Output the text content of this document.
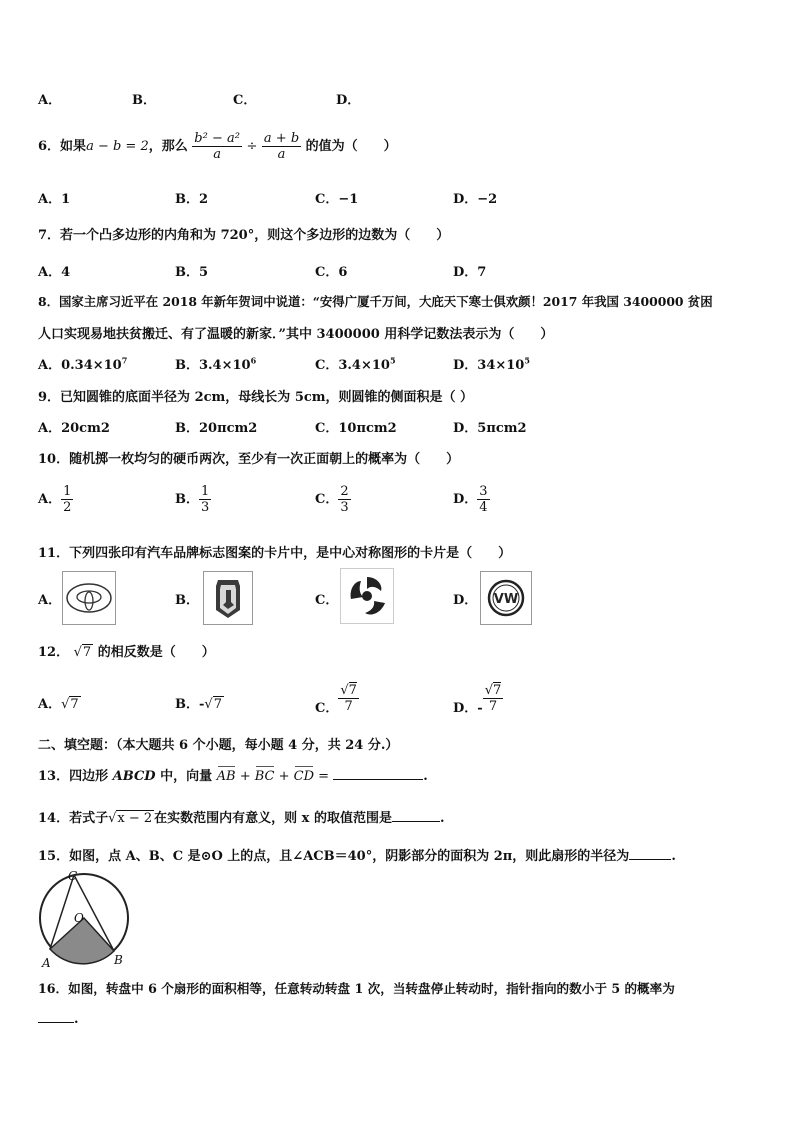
A．	B．	C．	D．
6．如果a − b = 2，那么 $\frac{\text{b² − a²}}{a} \div \frac{a + b}{a}$ 的值为（　　）
A．1	B．2	C．−1	D．−2
7．若一个凸多边形的内角和为 720°，则这个多边形的边数为（　　）
A．4	B．5	C．6	D．7
8．国家主席习近平在 2018 年新年贺词中说道：“安得广厦千万间，大庇天下寒士俱欢颜！2017 年我国 3400000 贫困
人口实现易地扶贫搬迁、有了温暖的新家．”其中 3400000 用科学记数法表示为（　　）
A．$0.34\times 10^7$	B．$3.4\times 10^6$	C．$3.4\times 10^5$	D．$34\times 10^5$
9．已知圆锥的底面半径为 2cm，母线长为 5cm，则圆锥的侧面积是（ ）
A．20cm2	B．20πcm2	C．10πcm2	D．5πcm2
10．随机掷一枚均匀的硬币两次，至少有一次正面朝上的概率为（　　）
A． $\frac{1}{2}$	B． $\frac{1}{3}$	C． $\frac{2}{3}$	D． $\frac{3}{4}$
11．下列四张印有汽车品牌标志图案的卡片中，是中心对称图形的卡片是（　　）
A．	B．	C．	D． VW
12． √7 的相反数是（　　）
A．√7	B．-√7	C． $\frac{√7}{7}$	D．- $\frac{√7}{7}$
二、填空题：（本大题共 6 个小题，每小题 4 分，共 24 分.）
13．四边形 ABCD 中，向量 AB + BC + CD =	.
14．若式子√x − 2 在实数范围内有意义，则 x 的取值范围是	.
15．如图，点 A、B、C 是⊙O 上的点，且∠ACB＝40°，阴影部分的面积为 2π，则此扇形的半径为	.
C
O
A	B
16．如图，转盘中 6 个扇形的面积相等，任意转动转盘 1 次，当转盘停止转动时，指针指向的数小于 5 的概率为
.
